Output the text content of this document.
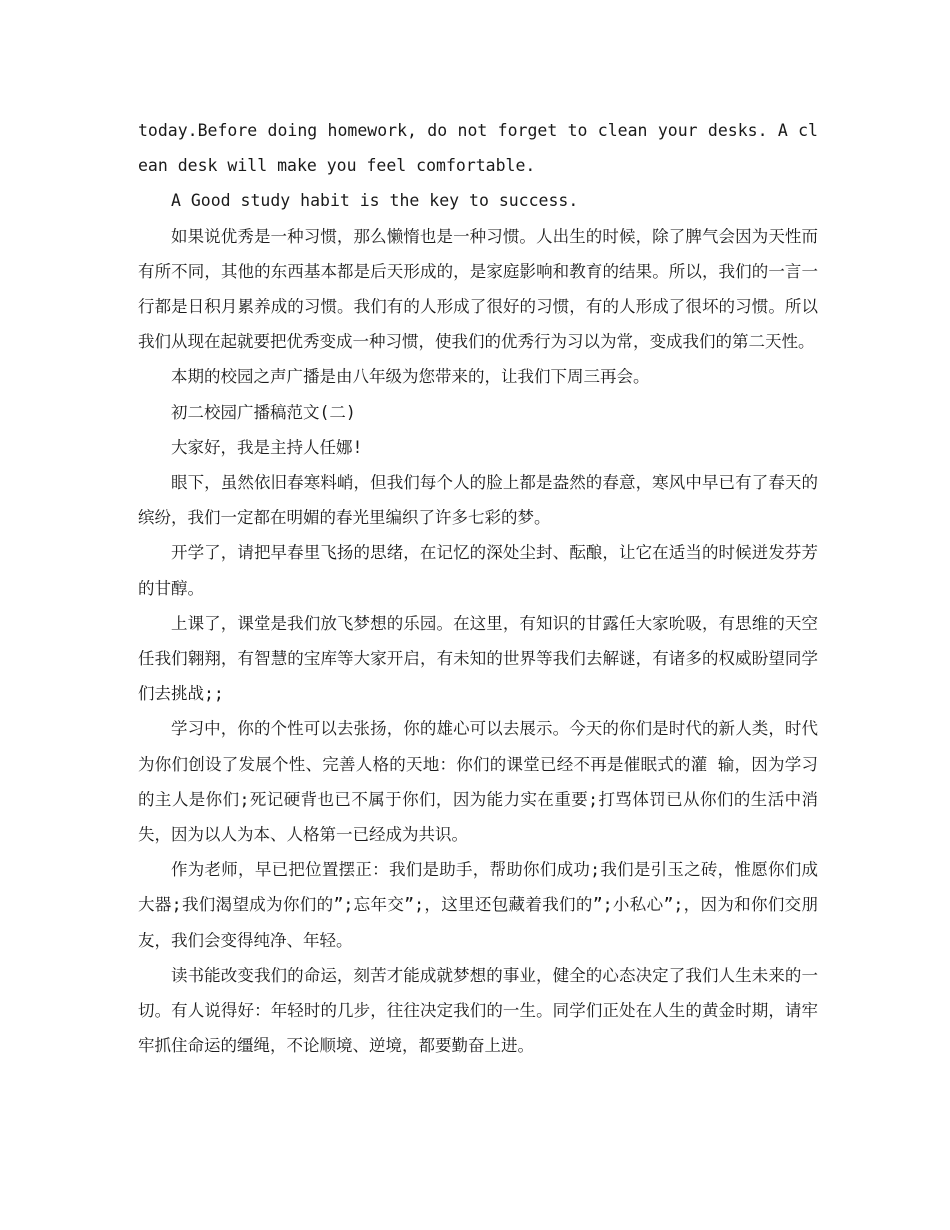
today.Before doing homework, do not forget to clean your desks. A clean desk will make you feel comfortable.

A Good study habit is the key to success.

如果说优秀是一种习惯，那么懒惰也是一种习惯。人出生的时候，除了脾气会因为天性而有所不同，其他的东西基本都是后天形成的，是家庭影响和教育的结果。所以，我们的一言一行都是日积月累养成的习惯。我们有的人形成了很好的习惯，有的人形成了很坏的习惯。所以我们从现在起就要把优秀变成一种习惯，使我们的优秀行为习以为常，变成我们的第二天性。

本期的校园之声广播是由八年级为您带来的，让我们下周三再会。

初二校园广播稿范文(二)

大家好，我是主持人任娜!

眼下，虽然依旧春寒料峭，但我们每个人的脸上都是盎然的春意，寒风中早已有了春天的缤纷，我们一定都在明媚的春光里编织了许多七彩的梦。

开学了，请把早春里飞扬的思绪，在记忆的深处尘封、酝酿，让它在适当的时候迸发芬芳的甘醇。

上课了，课堂是我们放飞梦想的乐园。在这里，有知识的甘露任大家吮吸，有思维的天空任我们翱翔，有智慧的宝库等大家开启，有未知的世界等我们去解谜，有诸多的权威盼望同学们去挑战;;

学习中，你的个性可以去张扬，你的雄心可以去展示。今天的你们是时代的新人类，时代为你们创设了发展个性、完善人格的天地：你们的课堂已经不再是催眠式的灌 输，因为学习的主人是你们;死记硬背也已不属于你们，因为能力实在重要;打骂体罚已从你们的生活中消失，因为以人为本、人格第一已经成为共识。

作为老师，早已把位置摆正：我们是助手，帮助你们成功;我们是引玉之砖，惟愿你们成大器;我们渴望成为你们的”;忘年交”;，这里还包藏着我们的”;小私心”;，因为和你们交朋友，我们会变得纯净、年轻。

读书能改变我们的命运，刻苦才能成就梦想的事业，健全的心态决定了我们人生未来的一切。有人说得好：年轻时的几步，往往决定我们的一生。同学们正处在人生的黄金时期，请牢牢抓住命运的缰绳，不论顺境、逆境，都要勤奋上进。
